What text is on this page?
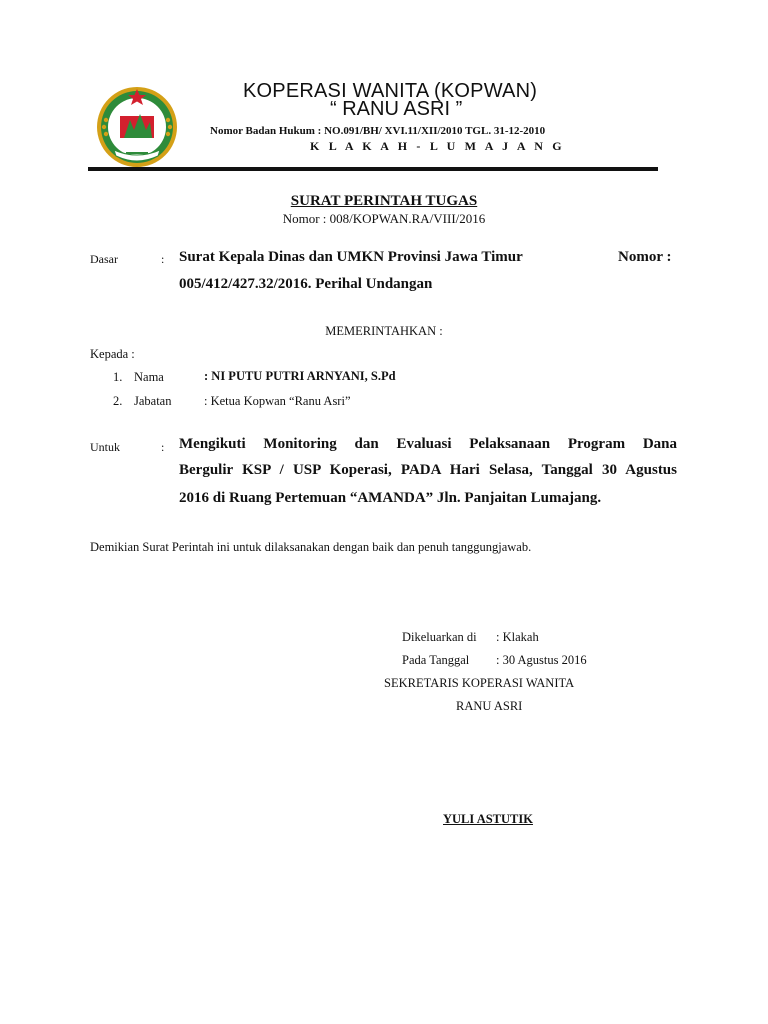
KOPERASI WANITA (KOPWAN)
“ RANU ASRI ”
Nomor Badan Hukum : NO.091/BH/ XVI.11/XII/2010 TGL. 31-12-2010
K L A K A H - L U M A J A N G
SURAT PERINTAH TUGAS
Nomor : 008/KOPWAN.RA/VIII/2016
Dasar	: Surat Kepala Dinas dan UMKN Provinsi Jawa Timur	Nomor :
005/412/427.32/2016. Perihal Undangan
MEMERINTAHKAN :
Kepada :
1. Nama	: NI PUTU PUTRI ARNYANI, S.Pd
2. Jabatan	: Ketua Kopwan “Ranu Asri”
Untuk	: Mengikuti Monitoring dan Evaluasi Pelaksanaan Program Dana
Bergulir KSP / USP Koperasi, PADA Hari Selasa, Tanggal 30 Agustus
2016 di Ruang Pertemuan “AMANDA” Jln. Panjaitan Lumajang.
Demikian Surat Perintah ini untuk dilaksanakan dengan baik dan penuh tanggungjawab.
Dikeluarkan di : Klakah
Pada Tanggal : 30 Agustus 2016
SEKRETARIS KOPERASI WANITA
RANU ASRI
YULI ASTUTIK
